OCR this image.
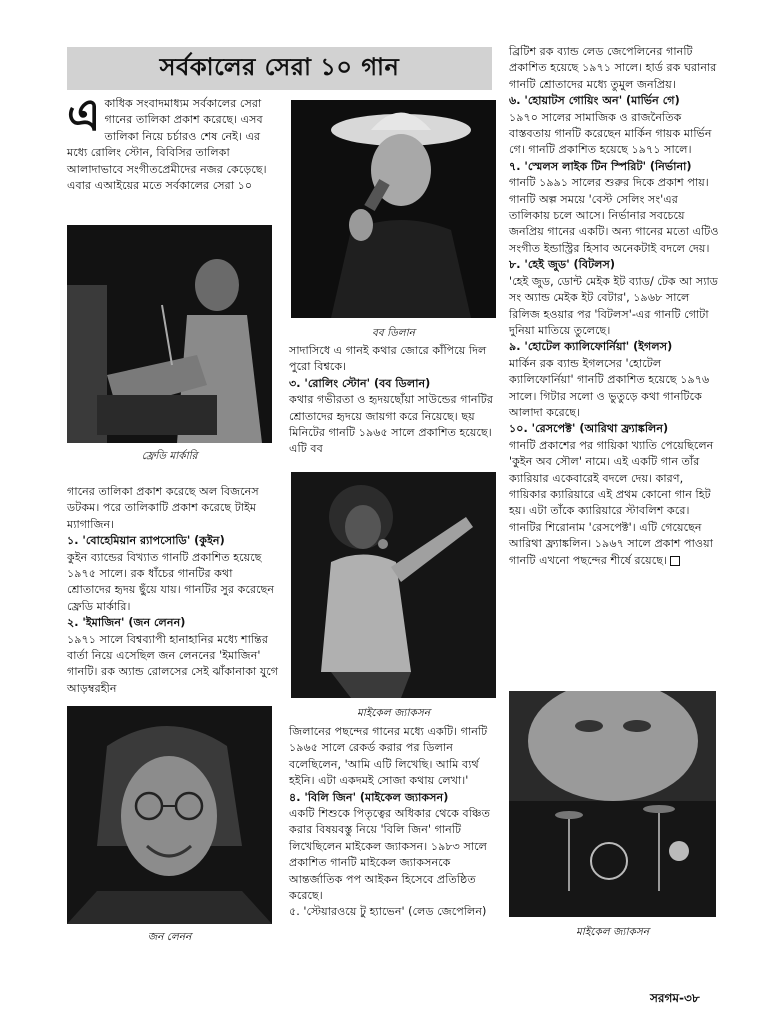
সর্বকালের সেরা ১০ গান
এ কাধিক সংবাদমাধ্যম সর্বকালের সেরা গানের তালিকা প্রকাশ করেছে। এসব তালিকা নিয়ে চর্চারও শেষ নেই। এর মধ্যে রোলিং স্টোন, বিবিসির তালিকা আলাদাভাবে সংগীতপ্রেমীদের নজর কেড়েছে। এবার এআইয়ের মতে সর্বকালের সেরা ১০
ফ্রেডি মার্কারি

গানের তালিকা প্রকাশ করেছে অল বিজনেস ডটকম। পরে তালিকাটি প্রকাশ করেছে টাইম ম্যাগাজিন।

১. 'বোহেমিয়ান র‌্যাপসোডি' (কুইন)

কুইন ব্যান্ডের বিখ্যাত গানটি প্রকাশিত হয়েছে ১৯৭৫ সালে। রক ধাঁচের গানটির কথা শ্রোতাদের হৃদয় ছুঁয়ে যায়। গানটির সুর করেছেন ফ্রেডি মার্কারি।

২. 'ইমাজিন' (জন লেনন)

১৯৭১ সালে বিশ্বব্যাপী হানাহানির মধ্যে শান্তির বার্তা নিয়ে এসেছিল জন লেননের 'ইমাজিন' গানটি। রক অ্যান্ড রোলসের সেই ঝাঁকানাকা যুগে আড়ম্বরহীন

জন লেনন
বব ডিলান

সাদাসিধে এ গানই কথার জোরে কাঁপিয়ে দিল পুরো বিশ্বকে।

৩. 'রোলিং স্টোন' (বব ডিলান)

কথার গভীরতা ও হৃদয়ছোঁয়া সাউন্ডের গানটির শ্রোতাদের হৃদয়ে জায়গা করে নিয়েছে। ছয় মিনিটের গানটি ১৯৬৫ সালে প্রকাশিত হয়েছে। এটি বব

মাইকেল জ্যাকসন

জিলানের পছন্দের গানের মধ্যে একটি। গানটি ১৯৬৫ সালে রেকর্ড করার পর ডিলান বলেছিলেন, 'আমি এটি লিখেছি। আমি ব্যর্থ হইনি। এটা একদমই সোজা কথায় লেখা।'

৪. 'বিলি জিন' (মাইকেল জ্যাকসন)

একটি শিশুকে পিতৃত্বের অধিকার থেকে বঞ্চিত করার বিষয়বস্তু নিয়ে 'বিলি জিন' গানটি লিখেছিলেন মাইকেল জ্যাকসন। ১৯৮৩ সালে প্রকাশিত গানটি মাইকেল জ্যাকসনকে আন্তর্জাতিক পপ আইকন হিসেবে প্রতিষ্ঠিত করেছে।

৫. 'স্টেয়ারওয়ে টু হ্যাভেন' (লেড জেপেলিন)

ব্রিটিশ রক ব্যান্ড লেড জেপেলিনের গানটি প্রকাশিত হয়েছে ১৯৭১ সালে। হার্ড রক ঘরানার গানটি শ্রোতাদের মধ্যে তুমুল জনপ্রিয়।

৬. 'হোয়াটস গোয়িং অন' (মার্ভিন গে)

১৯৭০ সালের সামাজিক ও রাজনৈতিক বাস্তবতায় গানটি করেছেন মার্কিন গায়ক মার্ভিন গে। গানটি প্রকাশিত হয়েছে ১৯৭১ সালে।

৭. 'স্মেলস লাইক টিন স্পিরিট' (নির্ভানা)

গানটি ১৯৯১ সালের শুরুর দিকে প্রকাশ পায়। গানটি অল্প সময়ে 'বেস্ট সেলিং সং'এর তালিকায় চলে আসে। নির্ভানার সবচেয়ে জনপ্রিয় গানের একটি। অন্য গানের মতো এটিও সংগীত ইন্ডাস্ট্রির হিসাব অনেকটাই বদলে দেয়।

৮. 'হেই জুড' (বিটলস)

'হেই জুড, ডোন্ট মেইক ইট ব্যাড/ টেক আ স্যাড সং অ্যান্ড মেইক ইট বেটার', ১৯৬৮ সালে রিলিজ হওয়ার পর 'বিটলস'-এর গানটি গোটা দুনিয়া মাতিয়ে তুলেছে।

৯. 'হোটেল ক্যালিফোর্নিয়া' (ইগলস)

মার্কিন রক ব্যান্ড ইগলসের 'হোটেল ক্যালিফোর্নিয়া' গানটি প্রকাশিত হয়েছে ১৯৭৬ সালে। গিটার সলো ও ভুতুড়ে কথা গানটিকে আলাদা করেছে।

১০. 'রেসপেক্ট' (আরিথা ফ্র্যাঙ্কলিন)

গানটি প্রকাশের পর গায়িকা খ্যাতি পেয়েছিলেন 'কুইন অব সৌল' নামে। এই একটি গান তাঁর ক্যারিয়ার একেবারেই বদলে দেয়। কারণ, গায়িকার ক্যারিয়ারে এই প্রথম কোনো গান হিট হয়। এটা তাঁকে ক্যারিয়ারে স্টাবলিশ করে। গানটির শিরোনাম 'রেসপেক্ট'। এটি গেয়েছেন আরিথা ফ্র্যাঙ্কলিন। ১৯৬৭ সালে প্রকাশ পাওয়া গানটি এখনো পছন্দের শীর্ষে রয়েছে।

মাইকেল জ্যাকসন
সরগম-৩৮
